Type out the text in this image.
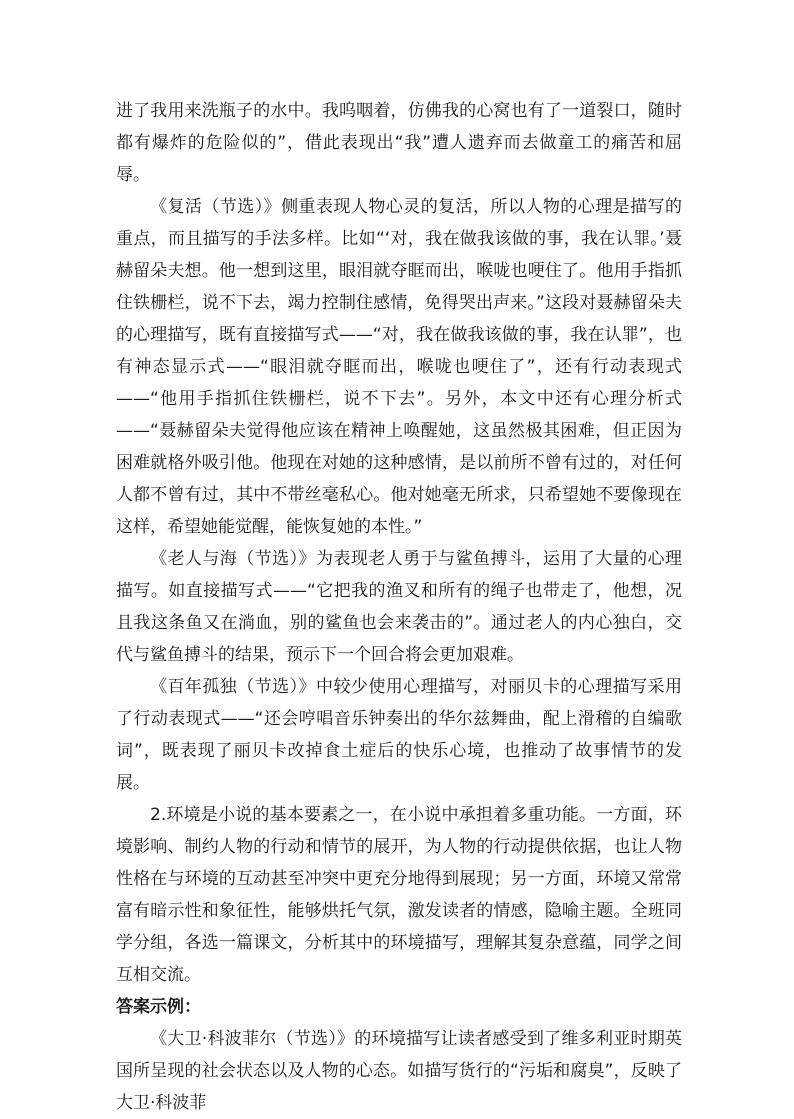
进了我用来洗瓶子的水中。我呜咽着，仿佛我的心窝也有了一道裂口，随时都有爆炸的危险似的”，借此表现出“我”遭人遗弃而去做童工的痛苦和屈辱。

《复活（节选）》侧重表现人物心灵的复活，所以人物的心理是描写的重点，而且描写的手法多样。比如“‘对，我在做我该做的事，我在认罪。’聂赫留朵夫想。他一想到这里，眼泪就夺眶而出，喉咙也哽住了。他用手指抓住铁栅栏，说不下去，竭力控制住感情，免得哭出声来。”这段对聂赫留朵夫的心理描写，既有直接描写式——“对，我在做我该做的事，我在认罪”，也有神态显示式——“眼泪就夺眶而出，喉咙也哽住了”，还有行动表现式——“他用手指抓住铁栅栏，说不下去”。另外，本文中还有心理分析式——“聂赫留朵夫觉得他应该在精神上唤醒她，这虽然极其困难，但正因为困难就格外吸引他。他现在对她的这种感情，是以前所不曾有过的，对任何人都不曾有过，其中不带丝毫私心。他对她毫无所求，只希望她不要像现在这样，希望她能觉醒，能恢复她的本性。”

《老人与海（节选）》为表现老人勇于与鲨鱼搏斗，运用了大量的心理描写。如直接描写式——“它把我的渔叉和所有的绳子也带走了，他想，况且我这条鱼又在淌血，别的鲨鱼也会来袭击的”。通过老人的内心独白，交代与鲨鱼搏斗的结果，预示下一个回合将会更加艰难。

《百年孤独（节选）》中较少使用心理描写，对丽贝卡的心理描写采用了行动表现式——“还会哼唱音乐钟奏出的华尔兹舞曲，配上滑稽的自编歌词”，既表现了丽贝卡改掉食土症后的快乐心境，也推动了故事情节的发展。

2.环境是小说的基本要素之一，在小说中承担着多重功能。一方面，环境影响、制约人物的行动和情节的展开，为人物的行动提供依据，也让人物性格在与环境的互动甚至冲突中更充分地得到展现；另一方面，环境又常常富有暗示性和象征性，能够烘托气氛，激发读者的情感，隐喻主题。全班同学分组，各选一篇课文，分析其中的环境描写，理解其复杂意蕴，同学之间互相交流。

答案示例：

《大卫·科波菲尔（节选）》的环境描写让读者感受到了维多利亚时期英国所呈现的社会状态以及人物的心态。如描写货行的“污垢和腐臭”，反映了大卫·科波菲
